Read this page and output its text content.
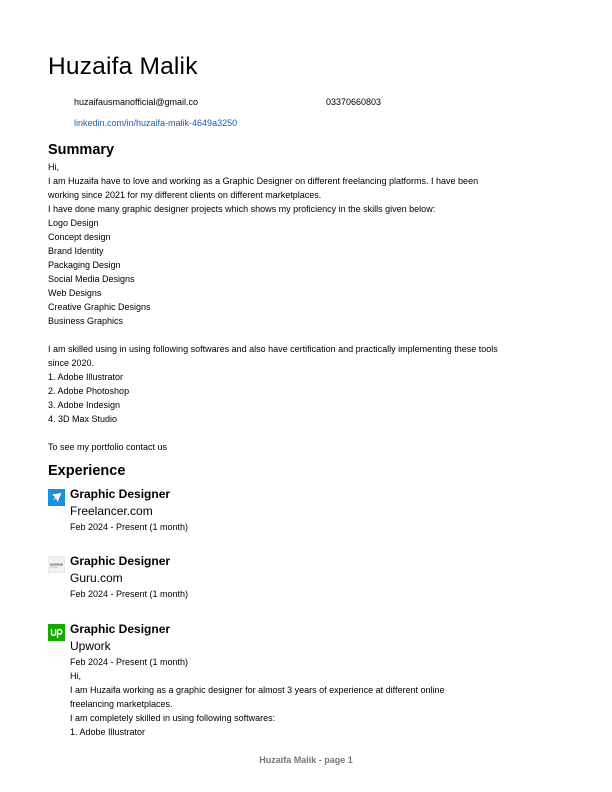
Huzaifa Malik
huzaifausmanofficial@gmail.co	03370660803
linkedin.com/in/huzaifa-malik-4649a3250
Summary

Hi,

I am Huzaifa have to love and working as a Graphic Designer on different freelancing platforms. I have been

working since 2021 for my different clients on different marketplaces.

I have done many graphic designer projects which shows my proficiency in the skills given below:

Logo Design

Concept design

Brand Identity

Packaging Design

Social Media Designs

Web Designs

Creative Graphic Designs

Business Graphics

I am skilled using in using following softwares and also have certification and practically implementing these tools

since 2020.

1. Adobe Illustrator

2. Adobe Photoshop

3. Adobe Indesign

4. 3D Max Studio

To see my portfolio contact us

Experience
Graphic Designer
Freelancer.com
Feb 2024 - Present (1 month)
Graphic Designer
Guru.com
Feb 2024 - Present (1 month)
Graphic Designer
Upwork
Feb 2024 - Present (1 month)

Hi,

I am Huzaifa working as a graphic designer for almost 3 years of experience at different online

freelancing marketplaces.

I am completely skilled in using following softwares:

1. Adobe Illustrator

Huzaifa Malik - page 1
